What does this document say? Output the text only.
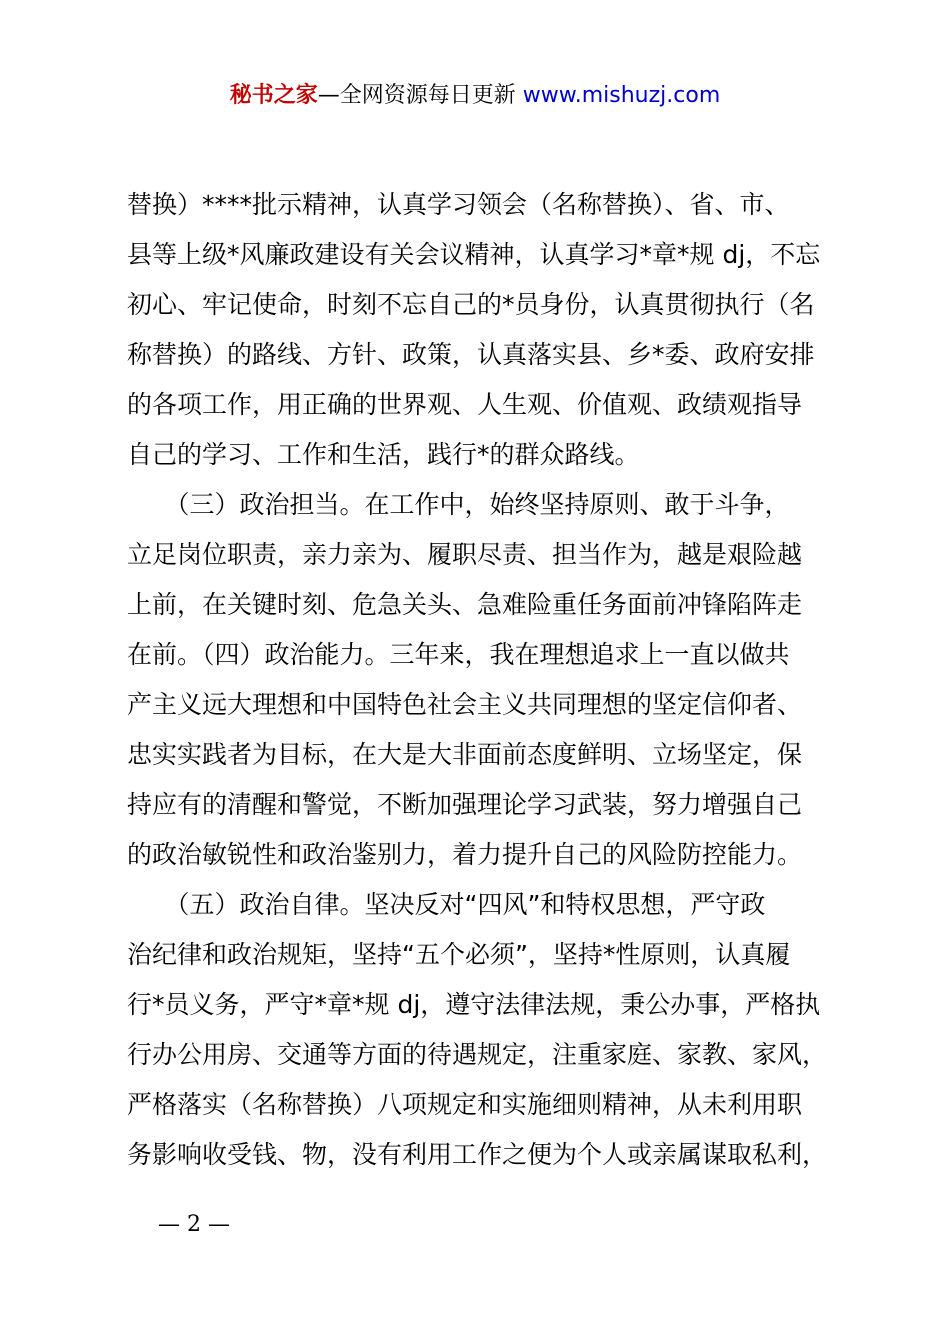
秘书之家—全网资源每日更新 www.mishuzj.com
替换）****批示精神，认真学习领会（名称替换）、省、市、
县等上级*风廉政建设有关会议精神，认真学习*章*规 dj，不忘
初心、牢记使命，时刻不忘自己的*员身份，认真贯彻执行（名
称替换）的路线、方针、政策，认真落实县、乡*委、政府安排
的各项工作，用正确的世界观、人生观、价值观、政绩观指导
自己的学习、工作和生活，践行*的群众路线。
　　（三）政治担当。在工作中，始终坚持原则、敢于斗争，
立足岗位职责，亲力亲为、履职尽责、担当作为，越是艰险越
上前，在关键时刻、危急关头、急难险重任务面前冲锋陷阵走
在前。（四）政治能力。三年来，我在理想追求上一直以做共
产主义远大理想和中国特色社会主义共同理想的坚定信仰者、
忠实实践者为目标，在大是大非面前态度鲜明、立场坚定，保
持应有的清醒和警觉，不断加强理论学习武装，努力增强自己
的政治敏锐性和政治鉴别力，着力提升自己的风险防控能力。
　　（五）政治自律。坚决反对“四风”和特权思想，严守政
治纪律和政治规矩，坚持“五个必须”，坚持*性原则，认真履
行*员义务，严守*章*规 dj，遵守法律法规，秉公办事，严格执
行办公用房、交通等方面的待遇规定，注重家庭、家教、家风，
严格落实（名称替换）八项规定和实施细则精神，从未利用职
务影响收受钱、物，没有利用工作之便为个人或亲属谋取私利，
— 2 —
